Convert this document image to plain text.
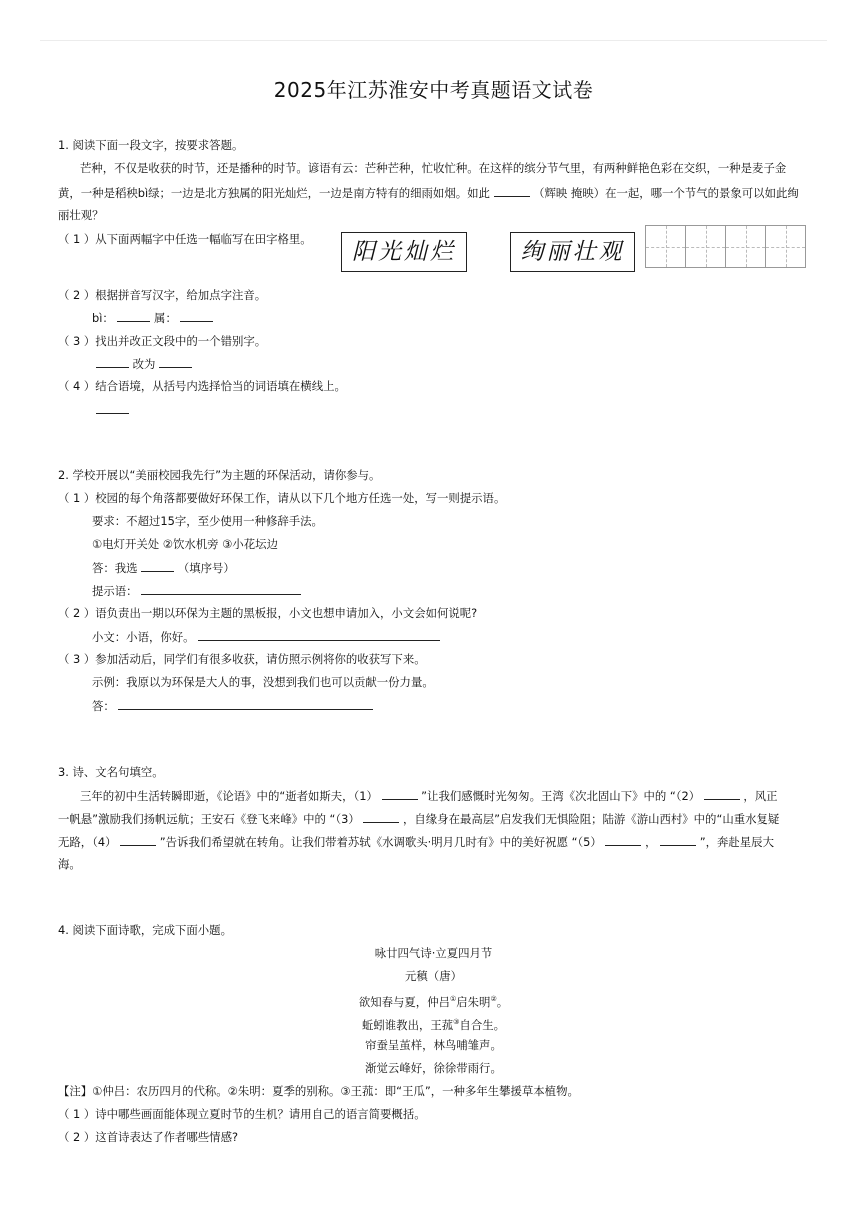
2025年江苏淮安中考真题语文试卷
1. 阅读下面一段文字，按要求答题。
芒种，不仅是收获的时节，还是播种的时节。谚语有云：芒种芒种，忙收忙种。在这样的缤分节气里，有两种鲜艳色彩在交织，一种是麦子金
黄，一种是稻秧bì绿；一边是北方独属的阳光灿烂，一边是南方特有的细雨如烟。如此	（辉映 掩映）在一起，哪一个节气的景象可以如此绚
丽壮观？
（ 1 ）从下面两幅字中任选一幅临写在田字格里。	阳光灿烂	绚丽壮观
（ 2 ）根据拼音写汉字，给加点字注音。
bì：	属：
（ 3 ）找出并改正文段中的一个错别字。
改为
（ 4 ）结合语境，从括号内选择恰当的词语填在横线上。
2. 学校开展以“美丽校园我先行”为主题的环保活动，请你参与。
（ 1 ）校园的每个角落都要做好环保工作，请从以下几个地方任选一处，写一则提示语。
要求：不超过15字，至少使用一种修辞手法。
①电灯开关处 ②饮水机旁 ③小花坛边
答：我选	（填序号）
提示语：
（ 2 ）语负责出一期以环保为主题的黑板报，小文也想申请加入，小文会如何说呢?
小文：小语，你好。
（ 3 ）参加活动后，同学们有很多收获，请仿照示例将你的收获写下来。
示例：我原以为环保是大人的事，没想到我们也可以贡献一份力量。
答：
3. 诗、文名句填空。
三年的初中生活转瞬即逝，《论语》中的“逝者如斯夫，（1）	”让我们感慨时光匆匆。王湾《次北固山下》中的 “（2）	，风正
一帆悬”激励我们扬帆远航；王安石《登飞来峰》中的 “（3）	，自缘身在最高层”启发我们无惧险阻；陆游《游山西村》中的“山重水复疑
无路，（4）	”告诉我们希望就在转角。让我们带着苏轼《水调歌头·明月几时有》中的美好祝愿 “（5）	，	”，奔赴星辰大
海。
4. 阅读下面诗歌，完成下面小题。
咏廿四气诗·立夏四月节
元稹（唐）
欲知春与夏，仲吕①启朱明②。
蚯蚓谁教出，王菰③自合生。
帘蚕呈茧样，林鸟哺雏声。
渐觉云峰好，徐徐带雨行。
【注】①仲吕：农历四月的代称。②朱明：夏季的别称。③王菰：即“王瓜”，一种多年生攀援草本植物。
（ 1 ）诗中哪些画面能体现立夏时节的生机？请用自己的语言简要概括。
（ 2 ）这首诗表达了作者哪些情感?
